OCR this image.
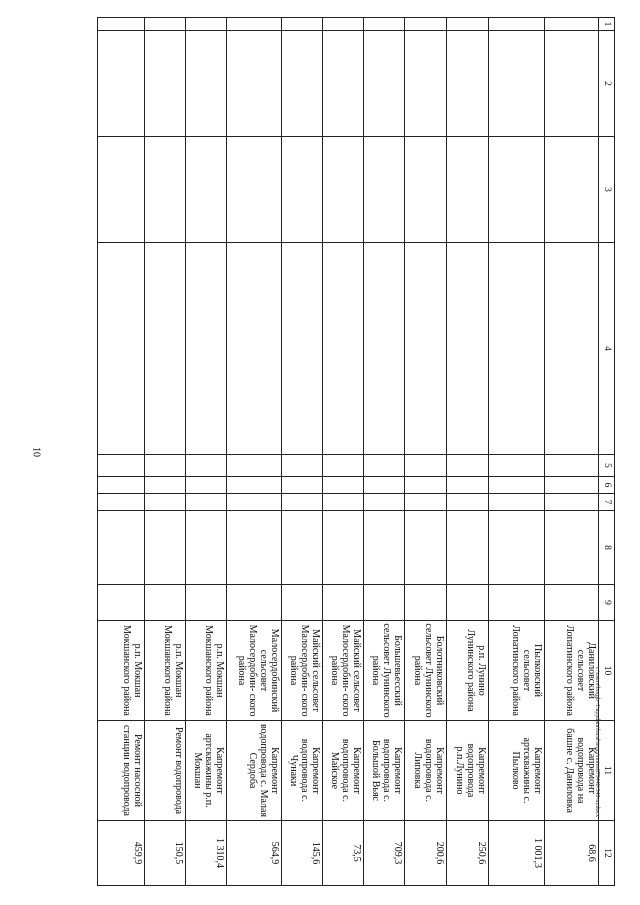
10
1	2	3	4	5	6	7	8	9	10	11	12
									Даниловский сельсовет Лопатинского района	Капремонт водопровода на башне с. Даниловка	68,6
									Пылковский сельсовет Лопатинского района	Капремонт артскважины с. Пылково	1 001,3
									р.п. Лунино Лунинского района	Капремонт водопровода р.п.Лунино	250,6
									Болотниковский сельсовет Лунинского района	Капремонт водопровода с. Липовка	200,6
									Большевьесский сельсовет Лунинского района	Капремонт водопровода с. Большой Вьяс	709,3
									Майский сельсовет Малосердобин- ского района	Капремонт водопровода с. Майское	73,5
									Майский сельсовет Малосердобин- ского района	Капремонт водопровода с. Чунаки	145,6
									Малосердобинский сельсовет Малосердобин- ского района	Капремонт водопровода с. Малая Сердоба	564,9
									р.п. Мокшан Мокшанского района	Капремонт артскважины р.п. Мокшан	1 310,4
									р.п. Мокшан Мокшанского района	Ремонт водопровода	150,5
									р.п. Мокшан Мокшанского района	Ремонт насосной станции водопровода	459,9
c:\users\borob~1\appdata\local\temp\notes879440\546-m.docx
